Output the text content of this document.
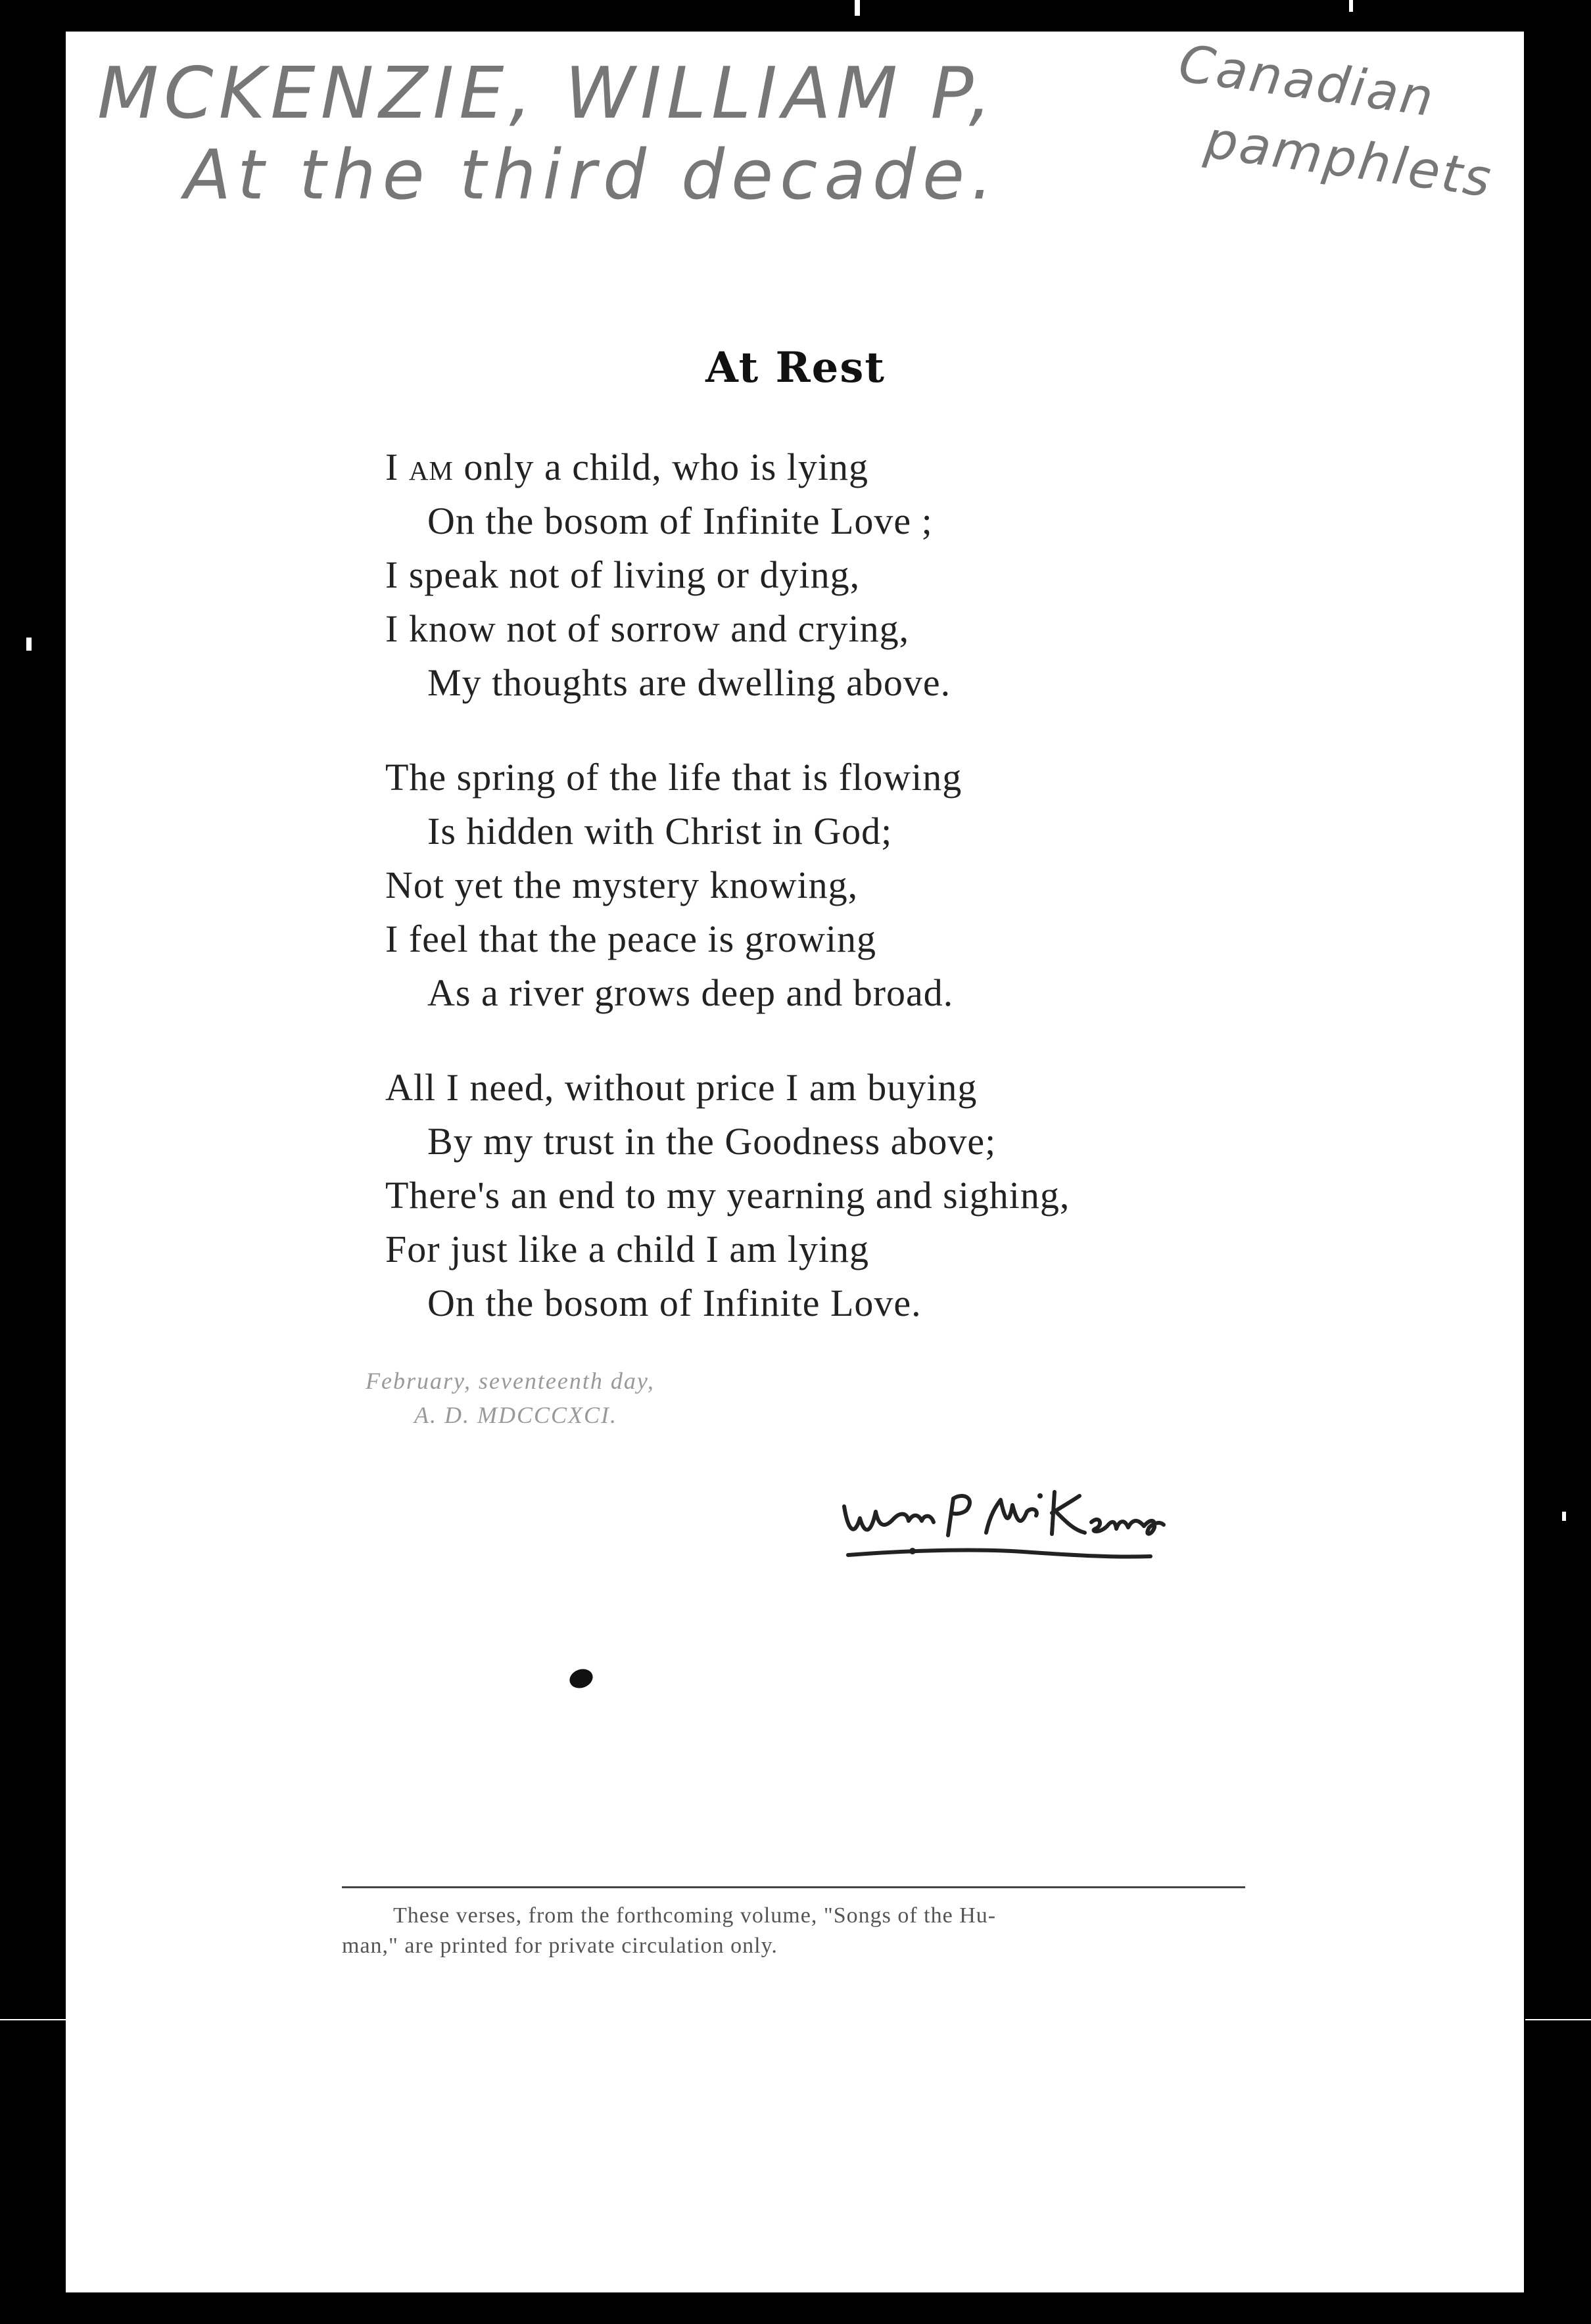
MCKENZIE, WILLIAM P,
At the third decade.
Canadian
pamphlets
At Rest
I am only a child, who is lying
On the bosom of Infinite Love ;
I speak not of living or dying,
I know not of sorrow and crying,
My thoughts are dwelling above.
The spring of the life that is flowing
Is hidden with Christ in God;
Not yet the mystery knowing,
I feel that the peace is growing
As a river grows deep and broad.
All I need, without price I am buying
By my trust in the Goodness above;
There's an end to my yearning and sighing,
For just like a child I am lying
On the bosom of Infinite Love.
February, seventeenth day,
A. D. MDCCCXCI.
These verses, from the forthcoming volume, "Songs of the Hu-
man," are printed for private circulation only.
